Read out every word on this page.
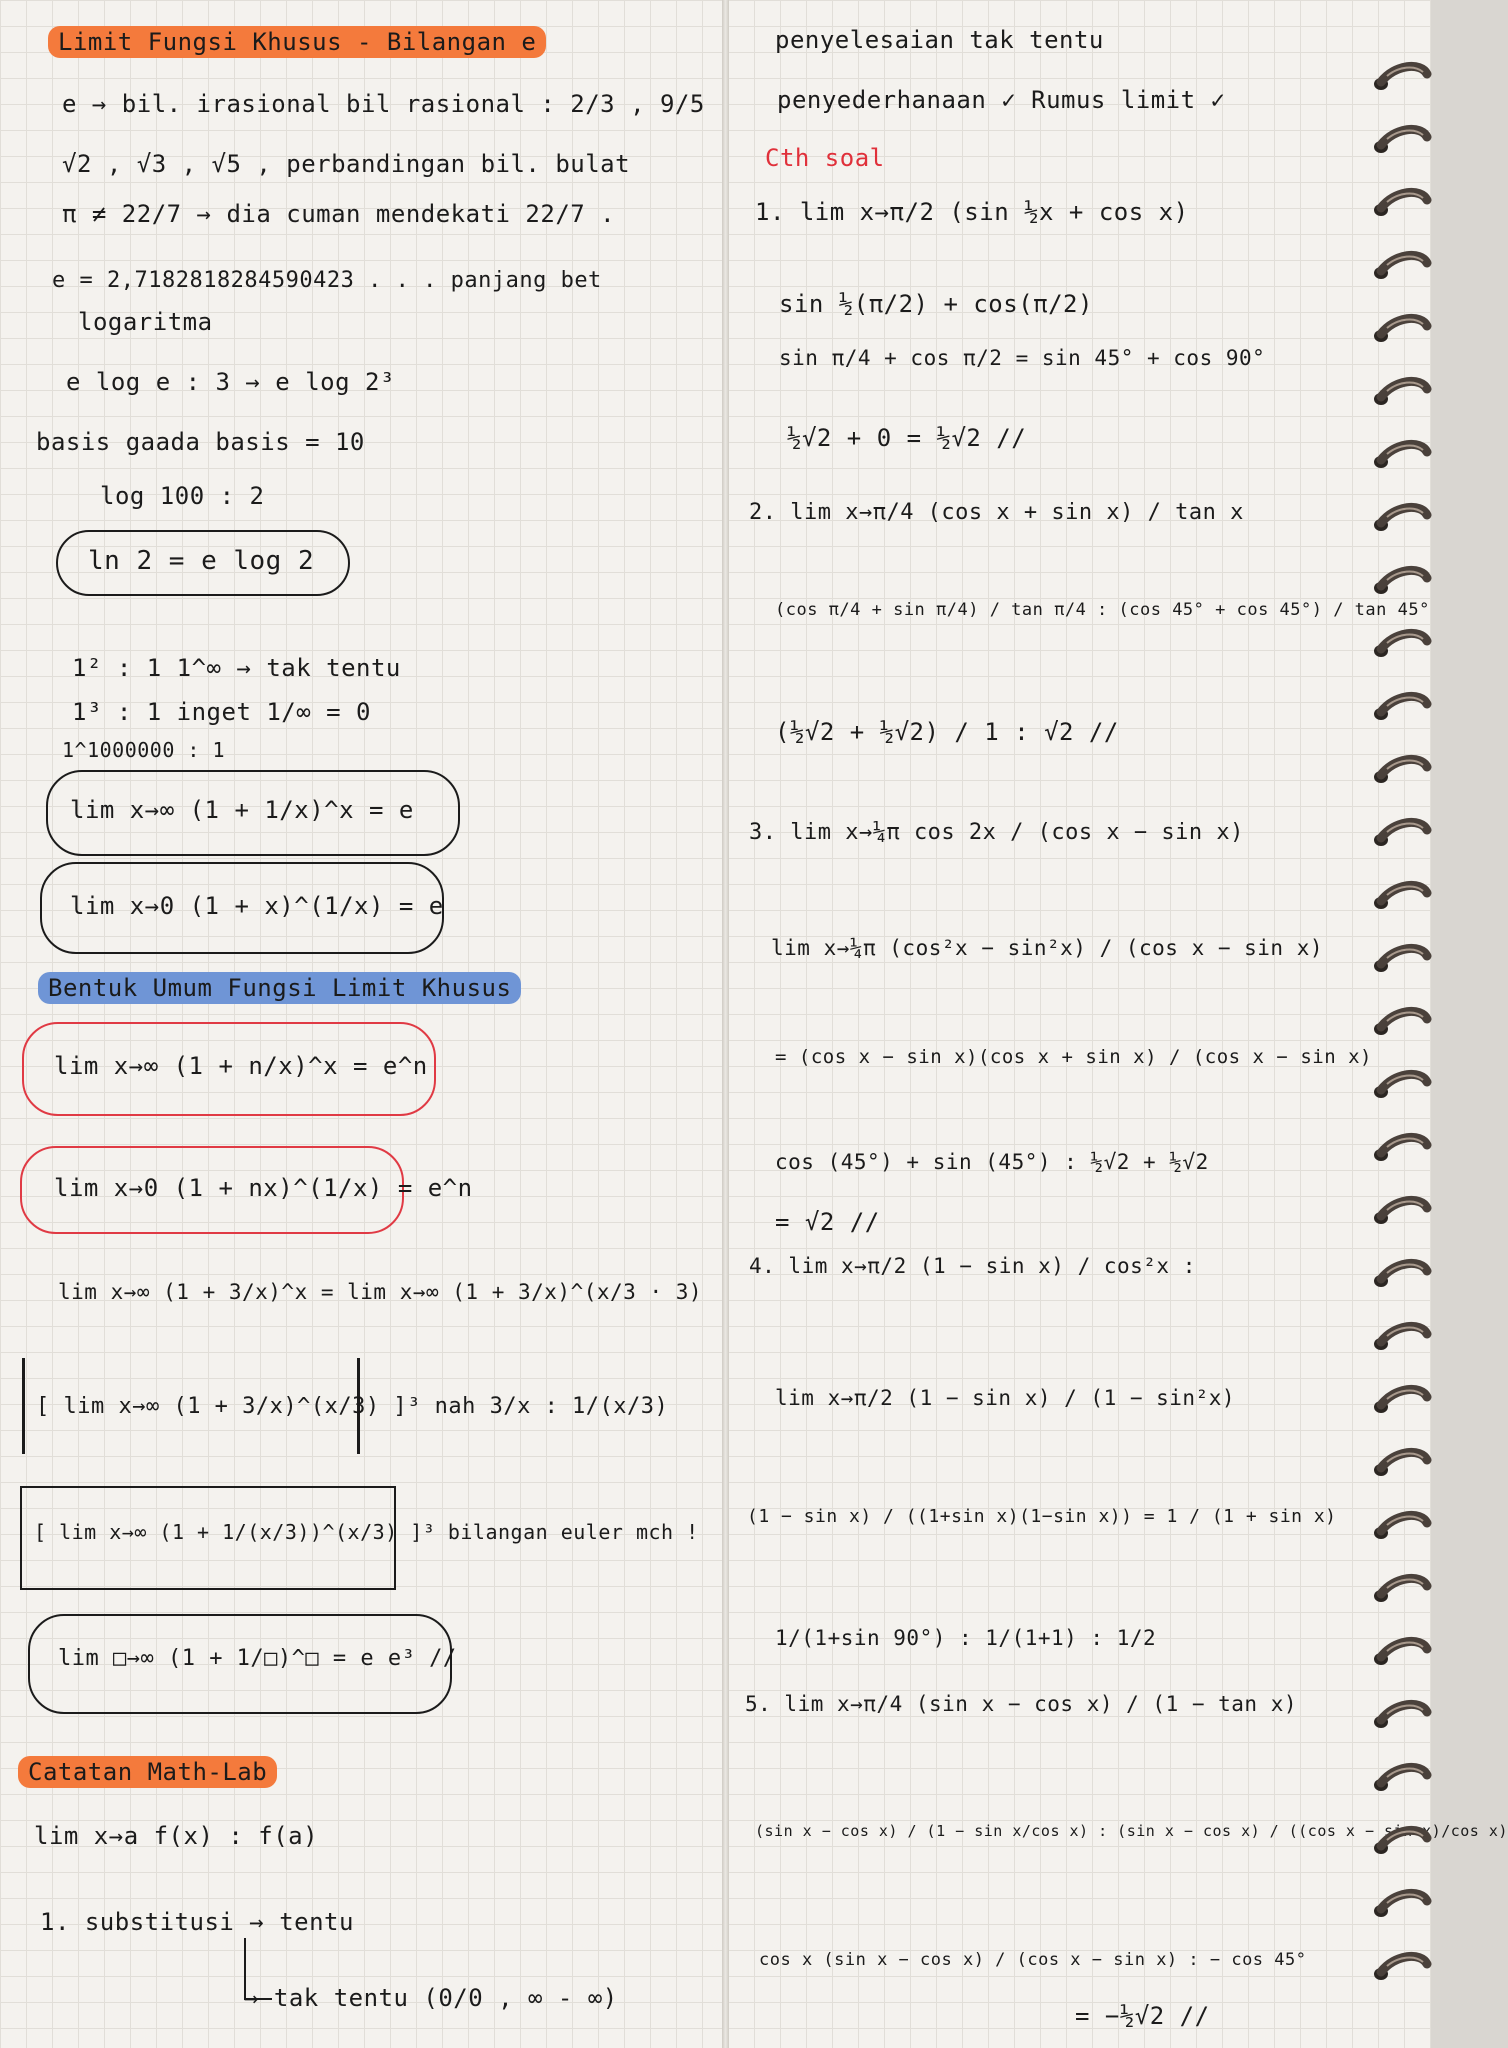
Limit Fungsi Khusus - Bilangan e
e → bil. irasional bil rasional : 2/3 , 9/5
√2 , √3 , √5 , perbandingan bil. bulat
π ≠ 22/7 → dia cuman mendekati 22/7 .
e = 2,7182818284590423 . . . panjang bet
logaritma
e log e : 3 → e log 2³
basis gaada basis = 10
log 100 : 2
ln 2 = e log 2
1² : 1 1^∞ → tak tentu
1³ : 1 inget 1/∞ = 0
1^1000000 : 1
lim x→∞ (1 + 1/x)^x = e
lim x→0 (1 + x)^(1/x) = e
Bentuk Umum Fungsi Limit Khusus
lim x→∞ (1 + n/x)^x = e^n
lim x→0 (1 + nx)^(1/x) = e^n
lim x→∞ (1 + 3/x)^x = lim x→∞ (1 + 3/x)^(x/3 · 3)
[ lim x→∞ (1 + 3/x)^(x/3) ]³ nah 3/x : 1/(x/3)
[ lim x→∞ (1 + 1/(x/3))^(x/3) ]³ bilangan euler mch !
lim □→∞ (1 + 1/□)^□ = e e³ //
Catatan Math-Lab
lim x→a f(x) : f(a)
1. substitusi → tentu
→ tak tentu (0/0 , ∞ - ∞)
penyelesaian tak tentu
penyederhanaan ✓ Rumus limit ✓
Cth soal
1. lim x→π/2 (sin ½x + cos x)
sin ½(π/2) + cos(π/2)
sin π/4 + cos π/2 = sin 45° + cos 90°
½√2 + 0 = ½√2 //
2. lim x→π/4 (cos x + sin x) / tan x
(cos π/4 + sin π/4) / tan π/4 : (cos 45° + cos 45°) / tan 45°
(½√2 + ½√2) / 1 : √2 //
3. lim x→¼π cos 2x / (cos x − sin x)
lim x→¼π (cos²x − sin²x) / (cos x − sin x)
= (cos x − sin x)(cos x + sin x) / (cos x − sin x)
cos (45°) + sin (45°) : ½√2 + ½√2
= √2 //
4. lim x→π/2 (1 − sin x) / cos²x :
lim x→π/2 (1 − sin x) / (1 − sin²x)
(1 − sin x) / ((1+sin x)(1−sin x)) = 1 / (1 + sin x)
1/(1+sin 90°) : 1/(1+1) : 1/2
5. lim x→π/4 (sin x − cos x) / (1 − tan x)
(sin x − cos x) / (1 − sin x/cos x) : (sin x − cos x) / ((cos x − sin x)/cos x)
cos x (sin x − cos x) / (cos x − sin x) : − cos 45°
= −½√2 //
